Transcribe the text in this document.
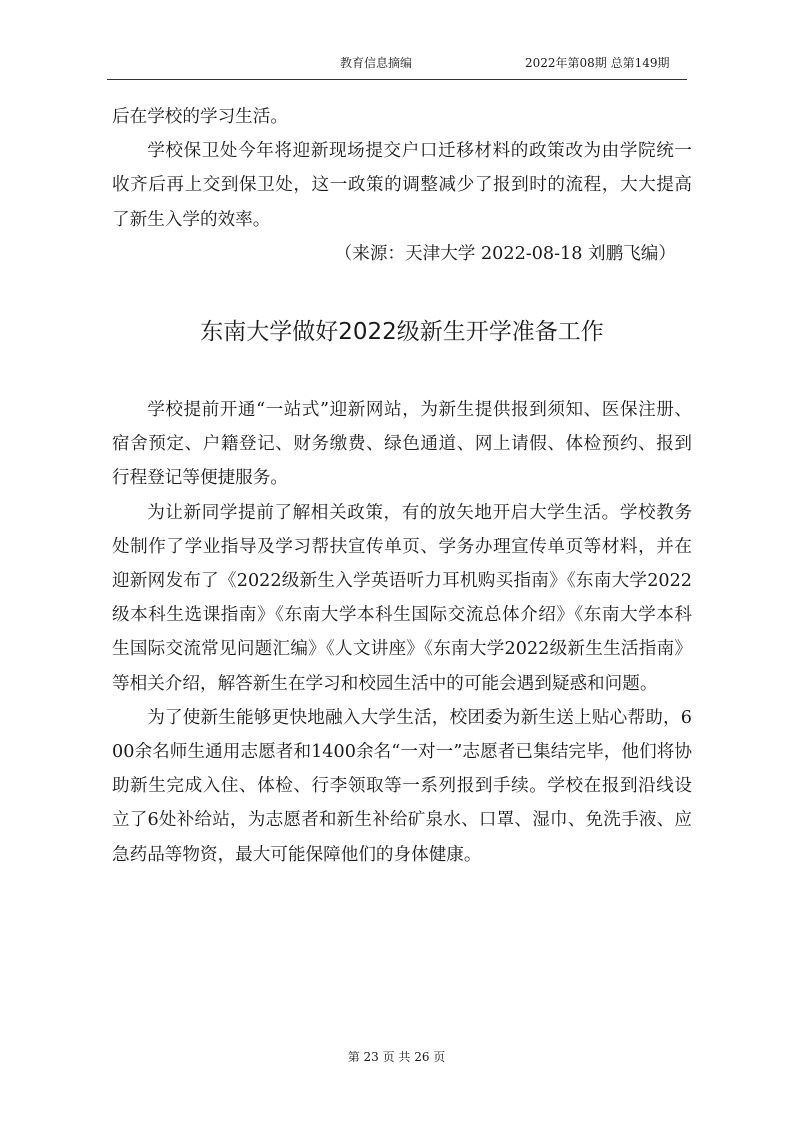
教育信息摘编	2022年第08期 总第149期

后在学校的学习生活。

学校保卫处今年将迎新现场提交户口迁移材料的政策改为由学院统一收齐后再上交到保卫处，这一政策的调整减少了报到时的流程，大大提高了新生入学的效率。

（来源：天津大学 2022-08-18 刘鹏飞编）

东南大学做好2022级新生开学准备工作

学校提前开通“一站式”迎新网站，为新生提供报到须知、医保注册、宿舍预定、户籍登记、财务缴费、绿色通道、网上请假、体检预约、报到行程登记等便捷服务。

为让新同学提前了解相关政策，有的放矢地开启大学生活。学校教务处制作了学业指导及学习帮扶宣传单页、学务办理宣传单页等材料，并在迎新网发布了《2022级新生入学英语听力耳机购买指南》《东南大学2022级本科生选课指南》《东南大学本科生国际交流总体介绍》《东南大学本科生国际交流常见问题汇编》《人文讲座》《东南大学2022级新生生活指南》等相关介绍，解答新生在学习和校园生活中的可能会遇到疑惑和问题。

为了使新生能够更快地融入大学生活，校团委为新生送上贴心帮助，600余名师生通用志愿者和1400余名“一对一”志愿者已集结完毕，他们将协助新生完成入住、体检、行李领取等一系列报到手续。学校在报到沿线设立了6处补给站，为志愿者和新生补给矿泉水、口罩、湿巾、免洗手液、应急药品等物资，最大可能保障他们的身体健康。

第 23 页 共 26 页
